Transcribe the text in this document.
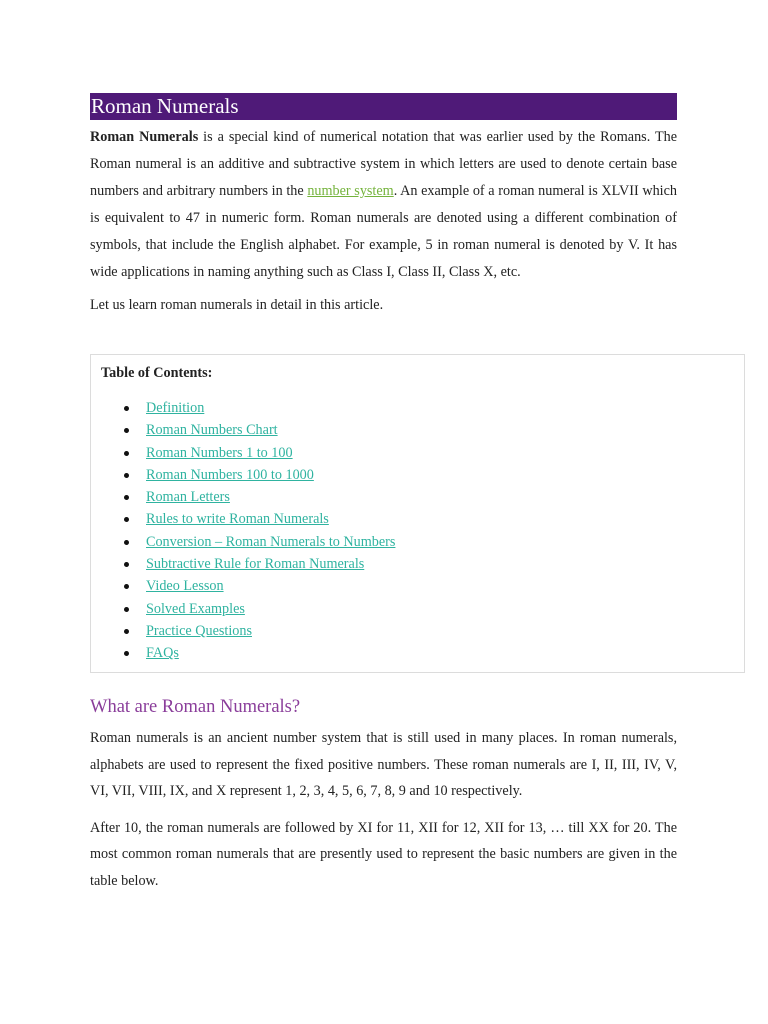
Roman Numerals

Roman Numerals is a special kind of numerical notation that was earlier used by the Romans. The Roman numeral is an additive and subtractive system in which letters are used to denote certain base numbers and arbitrary numbers in the number system. An example of a roman numeral is XLVII which is equivalent to 47 in numeric form. Roman numerals are denoted using a different combination of symbols, that include the English alphabet. For example, 5 in roman numeral is denoted by V. It has wide applications in naming anything such as Class I, Class II, Class X, etc.

Let us learn roman numerals in detail in this article.

Table of Contents:

Definition
Roman Numbers Chart
Roman Numbers 1 to 100
Roman Numbers 100 to 1000
Roman Letters
Rules to write Roman Numerals
Conversion – Roman Numerals to Numbers
Subtractive Rule for Roman Numerals
Video Lesson
Solved Examples
Practice Questions
FAQs
What are Roman Numerals?

Roman numerals is an ancient number system that is still used in many places. In roman numerals, alphabets are used to represent the fixed positive numbers. These roman numerals are I, II, III, IV, V, VI, VII, VIII, IX, and X represent 1, 2, 3, 4, 5, 6, 7, 8, 9 and 10 respectively.

After 10, the roman numerals are followed by XI for 11, XII for 12, XII for 13, … till XX for 20. The most common roman numerals that are presently used to represent the basic numbers are given in the table below.
